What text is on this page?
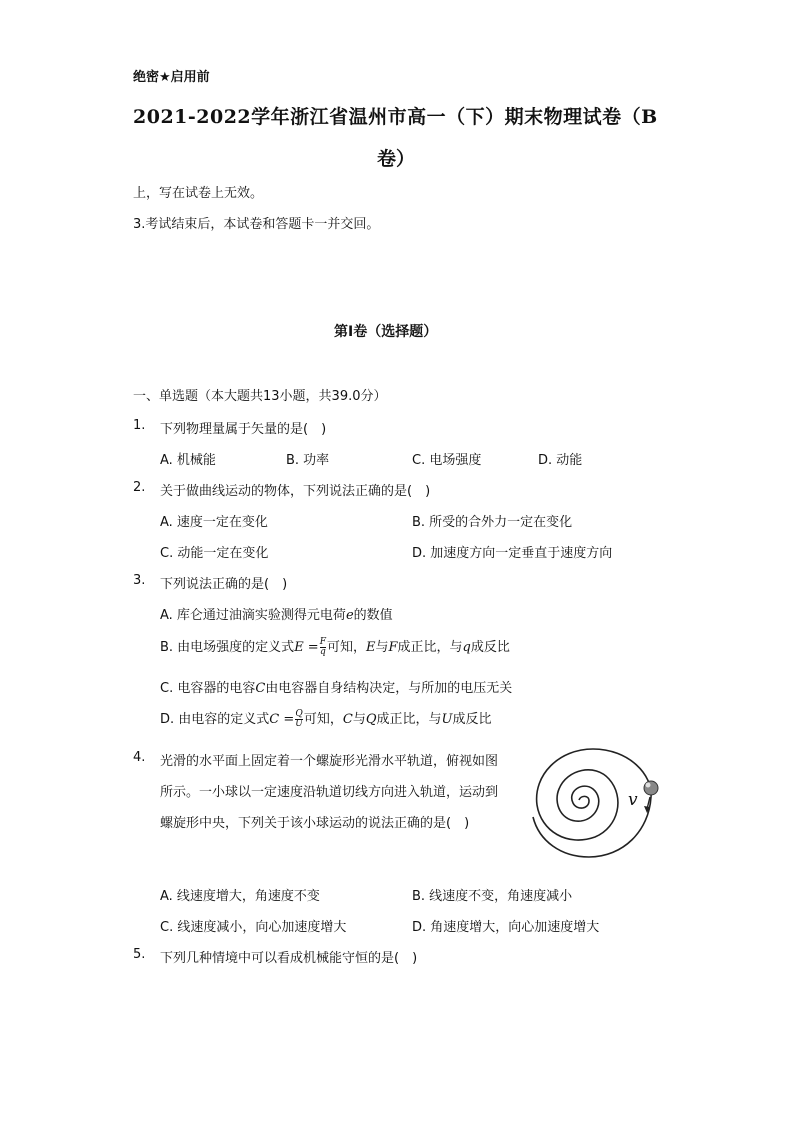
绝密★启用前
2021-2022学年浙江省温州市高一（下）期末物理试卷（B
卷）
上，写在试卷上无效。
3.考试结束后，本试卷和答题卡一并交回。
第I卷（选择题）
一、单选题（本大题共13小题，共39.0分）
1. 下列物理量属于矢量的是(　)
A. 机械能	B. 功率	C. 电场强度	D. 动能
2. 关于做曲线运动的物体，下列说法正确的是(　)
A. 速度一定在变化	B. 所受的合外力一定在变化
C. 动能一定在变化	D. 加速度方向一定垂直于速度方向
3. 下列说法正确的是(　)
A. 库仑通过油滴实验测得元电荷e的数值
B. 由电场强度的定义式$E = \frac{F}{q}$ 可知，E与F成正比，与q成反比
C. 电容器的电容C由电容器自身结构决定，与所加的电压无关
D. 由电容的定义式$C = \frac{Q}{U}$ 可知，C与Q成正比，与U成反比
4. 光滑的水平面上固定着一个螺旋形光滑水平轨道，俯视如图
所示。一小球以一定速度沿轨道切线方向进入轨道，运动到
螺旋形中央，下列关于该小球运动的说法正确的是(　)
v
A. 线速度增大，角速度不变	B. 线速度不变，角速度减小
C. 线速度减小，向心加速度增大	D. 角速度增大，向心加速度增大
5. 下列几种情境中可以看成机械能守恒的是(　)
